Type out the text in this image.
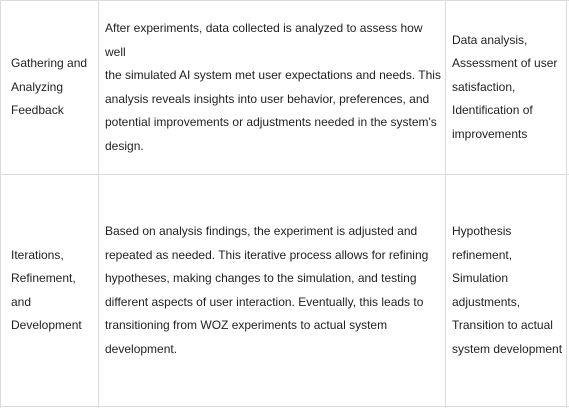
Gathering and
Analyzing
Feedback
After experiments, data collected is analyzed to assess how well
the simulated AI system met user expectations and needs. This
analysis reveals insights into user behavior, preferences, and
potential improvements or adjustments needed in the system's
design.
Data analysis,
Assessment of user
satisfaction,
Identification of
improvements
Iterations,
Refinement, and
Development
Based on analysis findings, the experiment is adjusted and
repeated as needed. This iterative process allows for refining
hypotheses, making changes to the simulation, and testing
different aspects of user interaction. Eventually, this leads to
transitioning from WOZ experiments to actual system
development.
Hypothesis
refinement,
Simulation
adjustments,
Transition to actual
system development
